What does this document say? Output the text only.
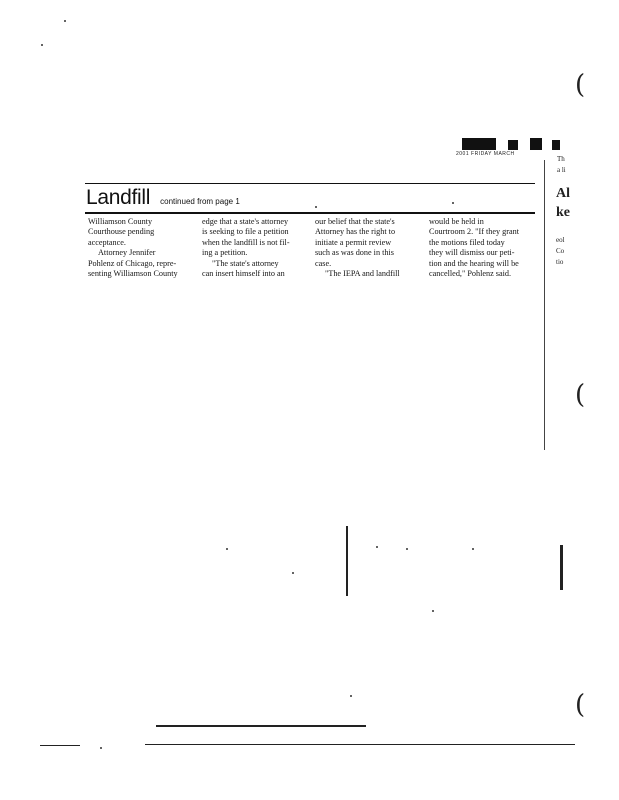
2001 FRIDAY MARCH
Landfill continued from page 1

Williamson County
Courthouse pending
acceptance.

Attorney Jennifer
Pohlenz of Chicago, repre-
senting Williamson County

edge that a state's attorney
is seeking to file a petition
when the landfill is not fil-
ing a petition.

"The state's attorney
can insert himself into an

our belief that the state's
Attorney has the right to
initiate a permit review
such as was done in this
case.

"The IEPA and landfill

would be held in
Courtroom 2. "If they grant
the motions filed today
they will dismiss our peti-
tion and the hearing will be
cancelled," Pohlenz said.

(
(
(
Th
a li
Al
ke
eol
Co
tio
